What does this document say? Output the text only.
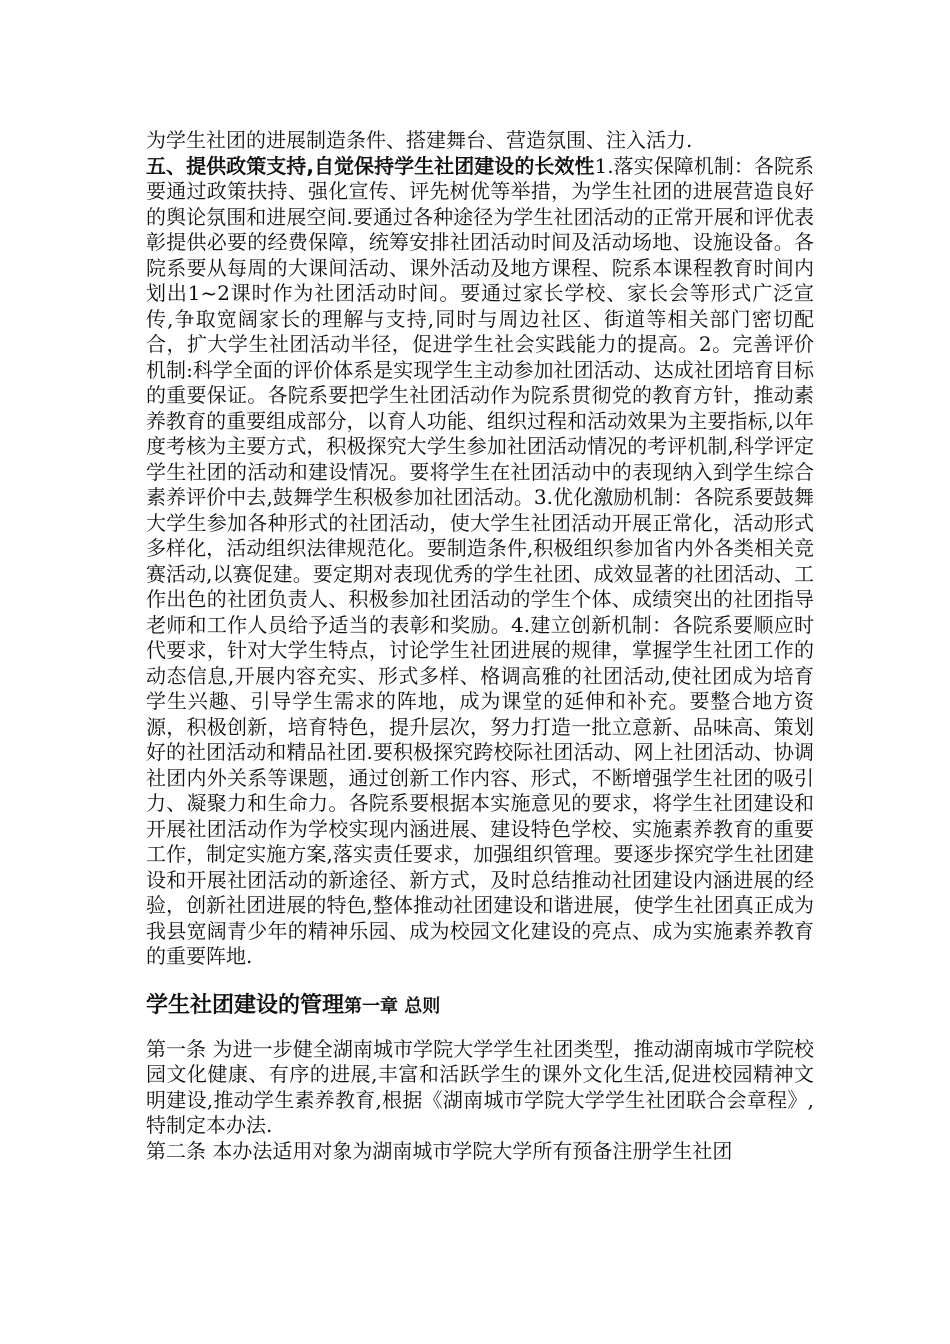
为学生社团的进展制造条件、搭建舞台、营造氛围、注入活力.

五、提供政策支持,自觉保持学生社团建设的长效性1.落实保障机制：各院系要通过政策扶持、强化宣传、评先树优等举措，为学生社团的进展营造良好的舆论氛围和进展空间.要通过各种途径为学生社团活动的正常开展和评优表彰提供必要的经费保障，统筹安排社团活动时间及活动场地、设施设备。各院系要从每周的大课间活动、课外活动及地方课程、院系本课程教育时间内划出1~2课时作为社团活动时间。要通过家长学校、家长会等形式广泛宣传,争取宽阔家长的理解与支持,同时与周边社区、街道等相关部门密切配合，扩大学生社团活动半径，促进学生社会实践能力的提高。2。完善评价机制:科学全面的评价体系是实现学生主动参加社团活动、达成社团培育目标的重要保证。各院系要把学生社团活动作为院系贯彻党的教育方针，推动素养教育的重要组成部分，以育人功能、组织过程和活动效果为主要指标,以年度考核为主要方式，积极探究大学生参加社团活动情况的考评机制,科学评定学生社团的活动和建设情况。要将学生在社团活动中的表现纳入到学生综合素养评价中去,鼓舞学生积极参加社团活动。3.优化激励机制：各院系要鼓舞大学生参加各种形式的社团活动，使大学生社团活动开展正常化，活动形式多样化，活动组织法律规范化。要制造条件,积极组织参加省内外各类相关竞赛活动,以赛促建。要定期对表现优秀的学生社团、成效显著的社团活动、工作出色的社团负责人、积极参加社团活动的学生个体、成绩突出的社团指导老师和工作人员给予适当的表彰和奖励。4.建立创新机制：各院系要顺应时代要求，针对大学生特点，讨论学生社团进展的规律，掌握学生社团工作的动态信息,开展内容充实、形式多样、格调高雅的社团活动,使社团成为培育学生兴趣、引导学生需求的阵地，成为课堂的延伸和补充。要整合地方资源，积极创新，培育特色，提升层次，努力打造一批立意新、品味高、策划好的社团活动和精品社团.要积极探究跨校际社团活动、网上社团活动、协调社团内外关系等课题，通过创新工作内容、形式，不断增强学生社团的吸引力、凝聚力和生命力。各院系要根据本实施意见的要求，将学生社团建设和开展社团活动作为学校实现内涵进展、建设特色学校、实施素养教育的重要工作，制定实施方案,落实责任要求，加强组织管理。要逐步探究学生社团建设和开展社团活动的新途径、新方式，及时总结推动社团建设内涵进展的经验，创新社团进展的特色,整体推动社团建设和谐进展，使学生社团真正成为我县宽阔青少年的精神乐园、成为校园文化建设的亮点、成为实施素养教育的重要阵地.

学生社团建设的管理第一章 总则

第一条 为进一步健全湖南城市学院大学学生社团类型，推动湖南城市学院校园文化健康、有序的进展,丰富和活跃学生的课外文化生活,促进校园精神文明建设,推动学生素养教育,根据《湖南城市学院大学学生社团联合会章程》,特制定本办法.

第二条 本办法适用对象为湖南城市学院大学所有预备注册学生社团
